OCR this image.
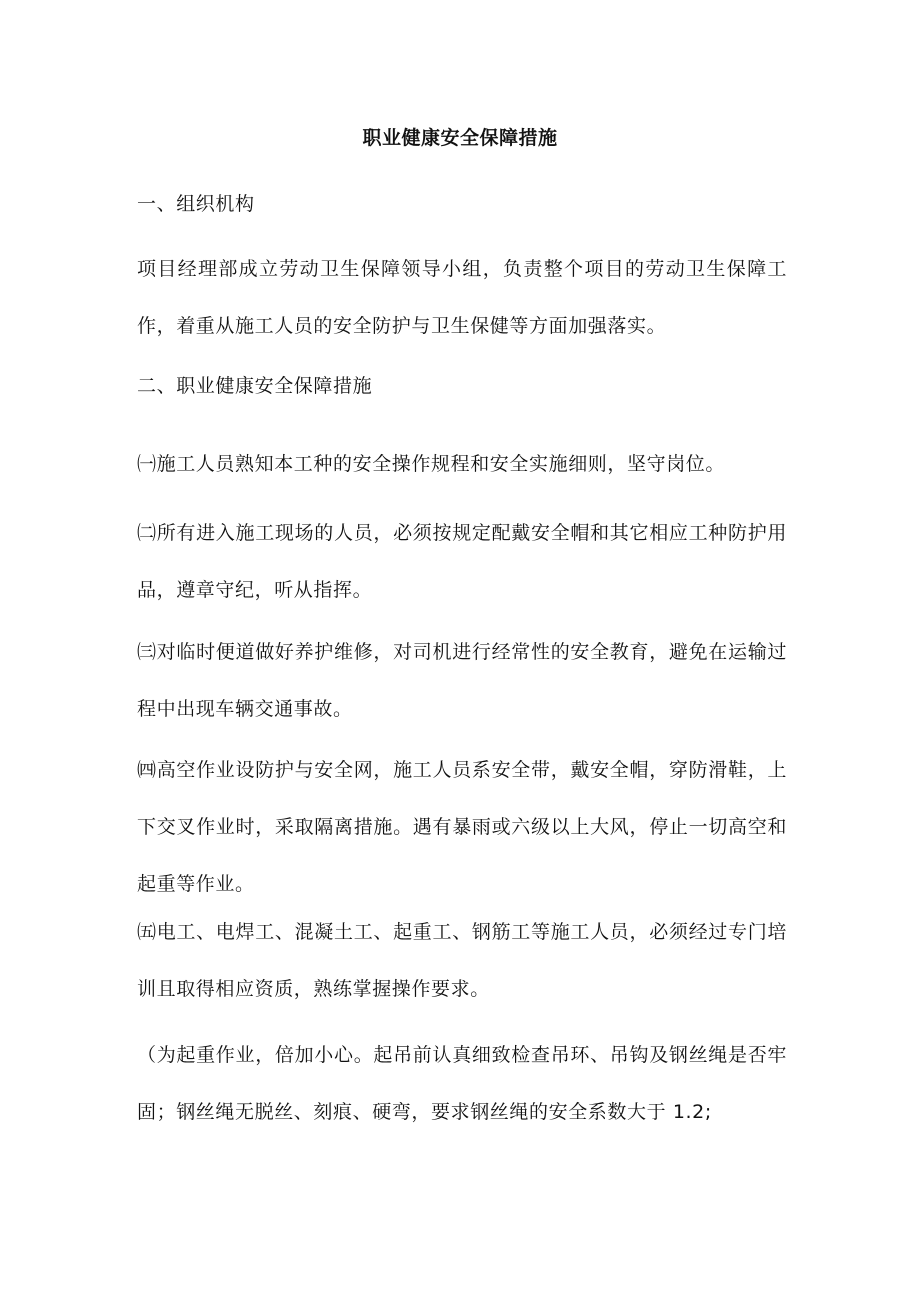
职业健康安全保障措施
一、组织机构
项目经理部成立劳动卫生保障领导小组，负责整个项目的劳动卫生保障工作，着重从施工人员的安全防护与卫生保健等方面加强落实。
二、职业健康安全保障措施
㈠施工人员熟知本工种的安全操作规程和安全实施细则，坚守岗位。
㈡所有进入施工现场的人员，必须按规定配戴安全帽和其它相应工种防护用品，遵章守纪，听从指挥。
㈢对临时便道做好养护维修，对司机进行经常性的安全教育，避免在运输过程中出现车辆交通事故。
㈣高空作业设防护与安全网，施工人员系安全带，戴安全帽，穿防滑鞋，上下交叉作业时，采取隔离措施。遇有暴雨或六级以上大风，停止一切高空和起重等作业。
㈤电工、电焊工、混凝土工、起重工、钢筋工等施工人员，必须经过专门培训且取得相应资质，熟练掌握操作要求。
（为起重作业，倍加小心。起吊前认真细致检查吊环、吊钩及钢丝绳是否牢固；钢丝绳无脱丝、刻痕、硬弯，要求钢丝绳的安全系数大于 1.2;
